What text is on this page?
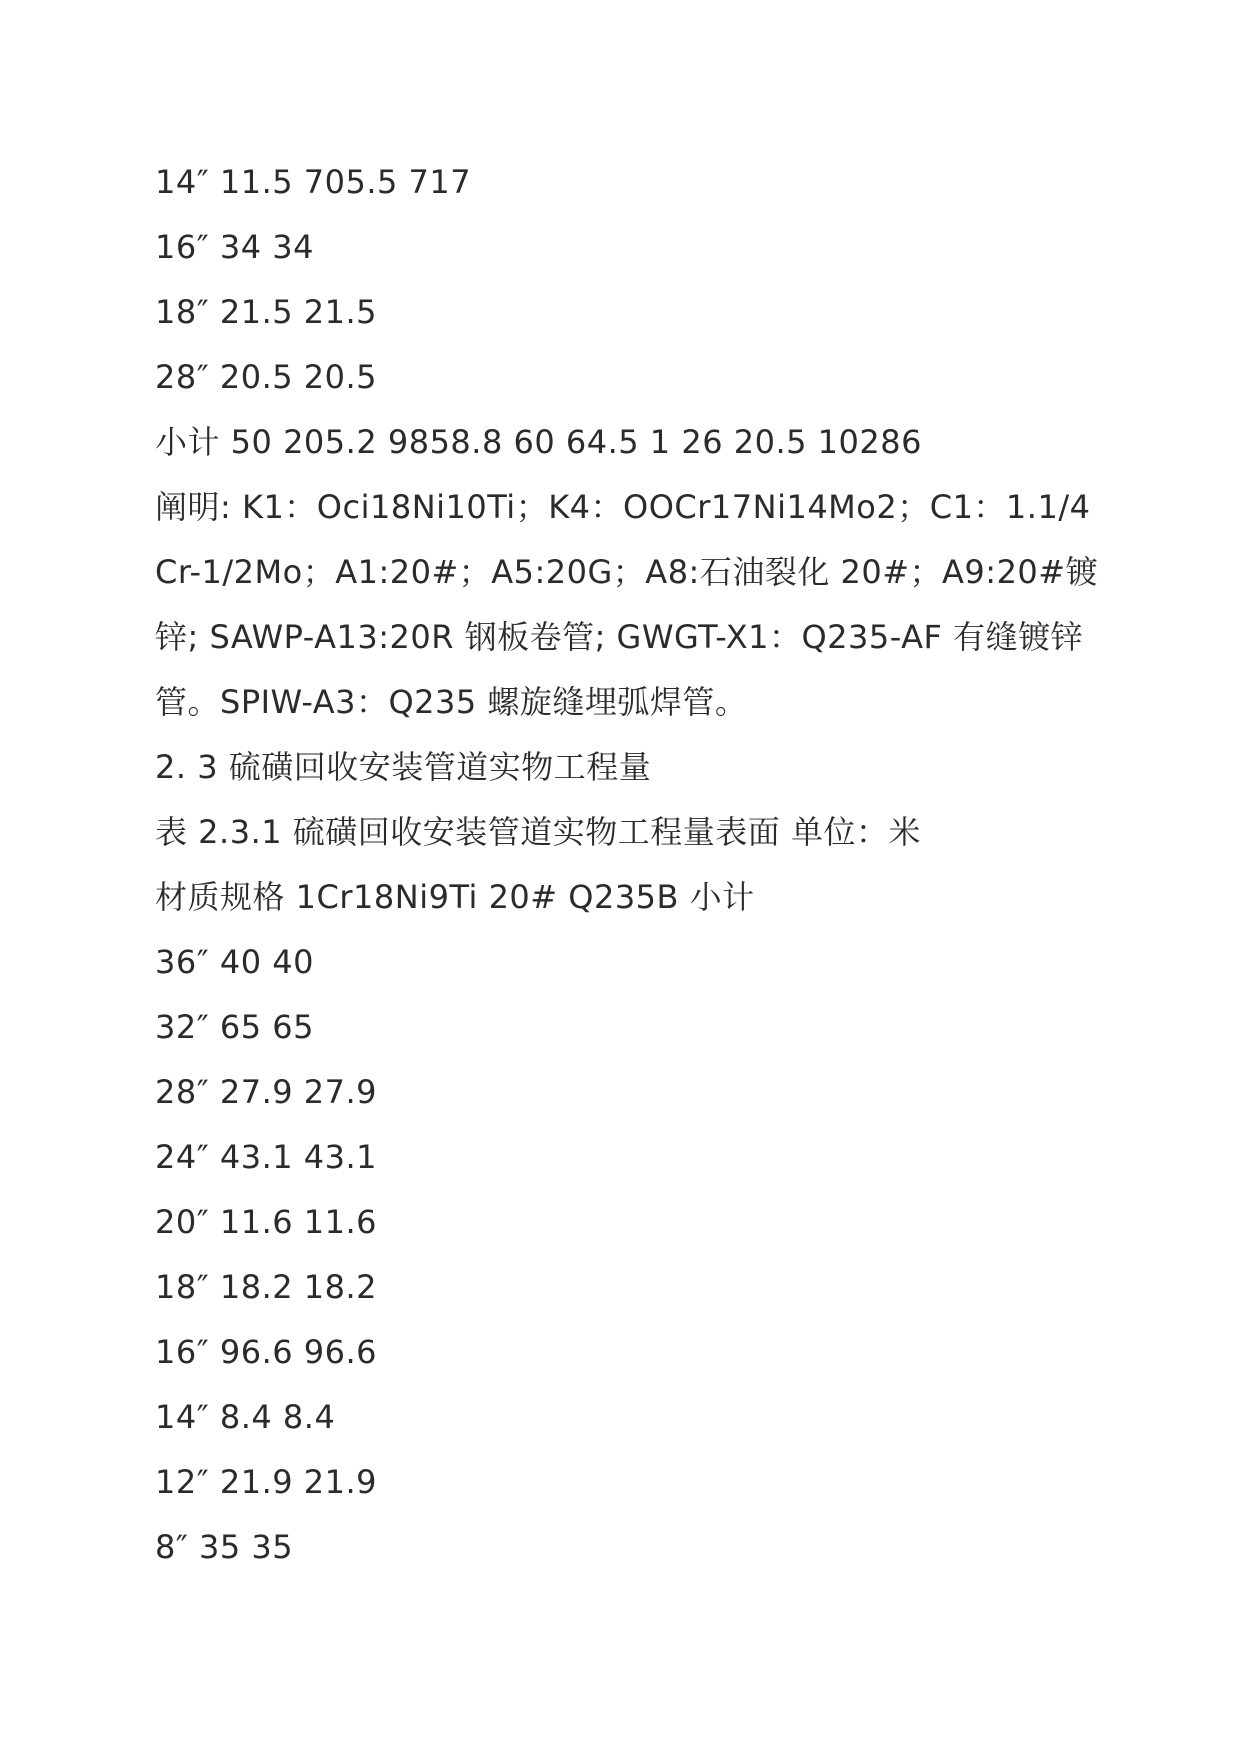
14″ 11.5 705.5 717
16″ 34 34
18″ 21.5 21.5
28″ 20.5 20.5
小计 50 205.2 9858.8 60 64.5 1 26 20.5 10286
阐明: K1：Oci18Ni10Ti；K4：OOCr17Ni14Mo2；C1：1.1/4Cr-1/2Mo；A1:20#；A5:20G；A8:石油裂化 20#；A9:20#镀锌; SAWP-A13:20R 钢板卷管; GWGT-X1：Q235-AF 有缝镀锌管。SPIW-A3：Q235 螺旋缝埋弧焊管。
2. 3 硫磺回收安装管道实物工程量
表 2.3.1 硫磺回收安装管道实物工程量表面 单位：米
材质规格 1Cr18Ni9Ti 20# Q235B 小计
36″ 40 40
32″ 65 65
28″ 27.9 27.9
24″ 43.1 43.1
20″ 11.6 11.6
18″ 18.2 18.2
16″ 96.6 96.6
14″ 8.4 8.4
12″ 21.9 21.9
8″ 35 35
